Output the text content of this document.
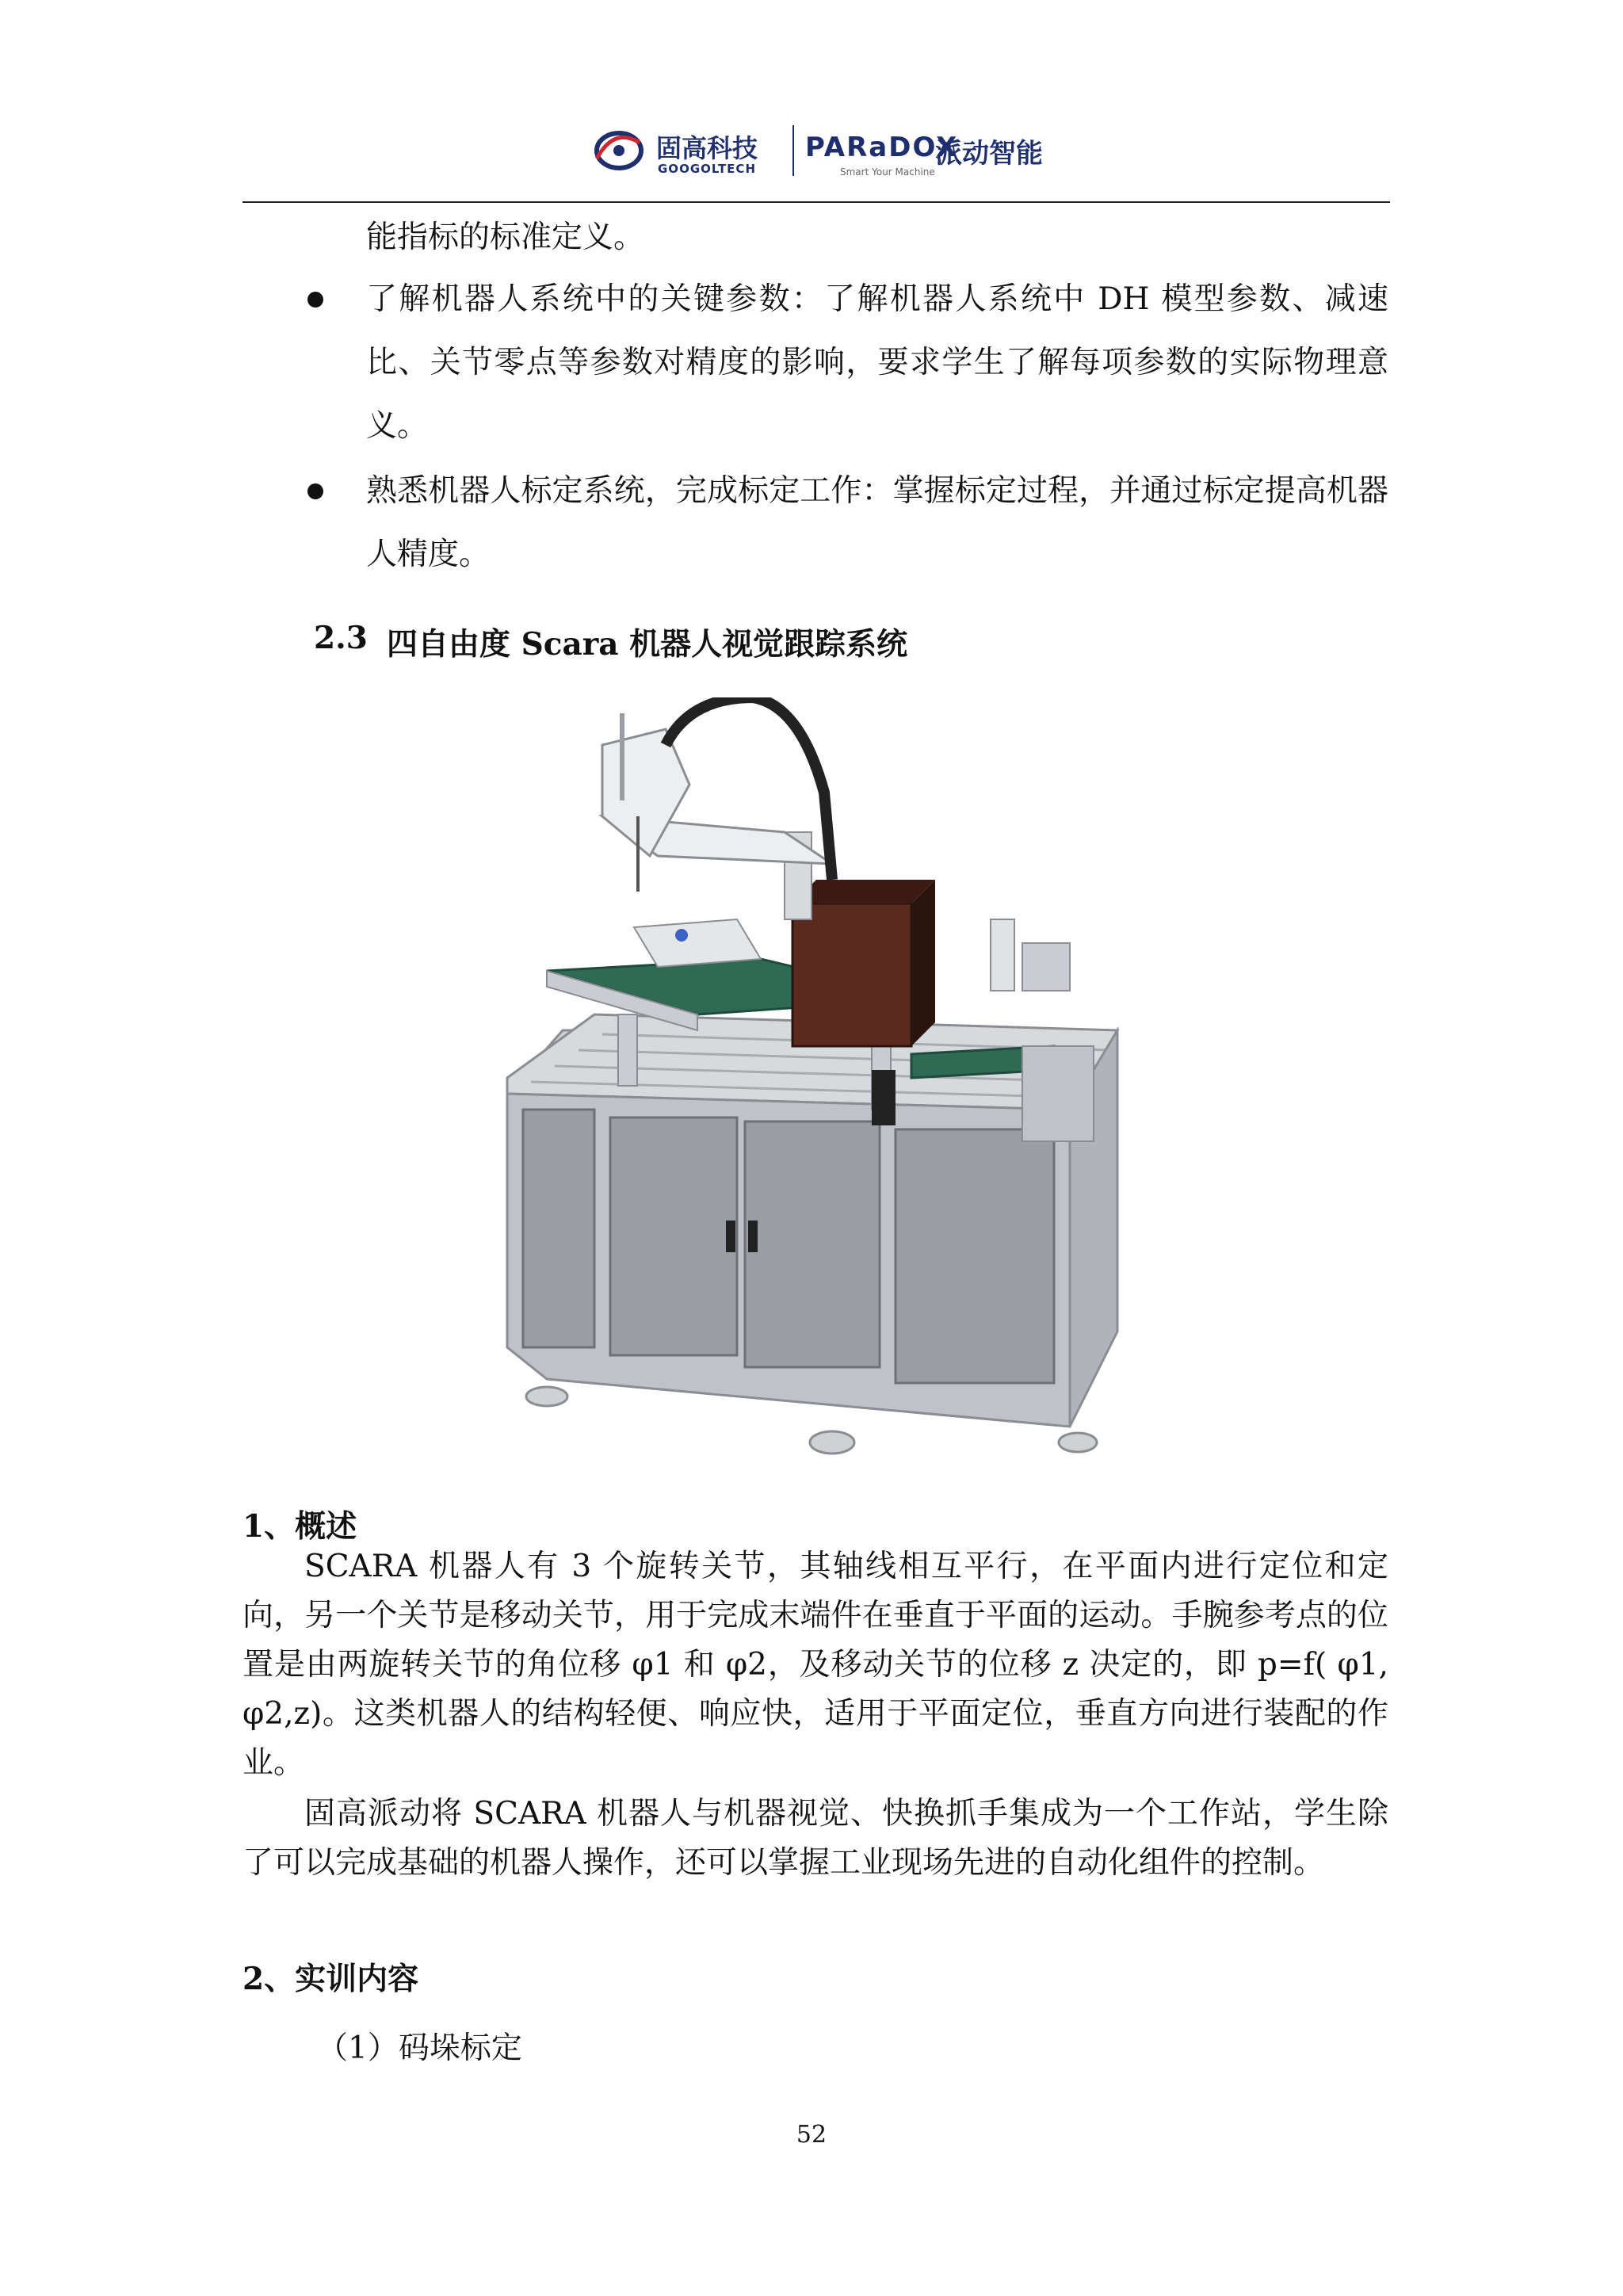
固高科技
GOOGOLTECH
PARaDOX
Smart Your Machine
派动智能
能指标的标准定义。
了解机器人系统中的关键参数：了解机器人系统中 DH 模型参数、减速比、关节零点等参数对精度的影响，要求学生了解每项参数的实际物理意义。
熟悉机器人标定系统，完成标定工作：掌握标定过程，并通过标定提高机器人精度。
2.3 四自由度 Scara 机器人视觉跟踪系统
1、概述
SCARA 机器人有 3 个旋转关节，其轴线相互平行，在平面内进行定位和定向，另一个关节是移动关节，用于完成末端件在垂直于平面的运动。手腕参考点的位置是由两旋转关节的角位移 φ1 和 φ2，及移动关节的位移 z 决定的，即 p=f( φ1, φ2,z)。这类机器人的结构轻便、响应快，适用于平面定位，垂直方向进行装配的作业。
固高派动将 SCARA 机器人与机器视觉、快换抓手集成为一个工作站，学生除了可以完成基础的机器人操作，还可以掌握工业现场先进的自动化组件的控制。
2、实训内容
（1）码垛标定
52
